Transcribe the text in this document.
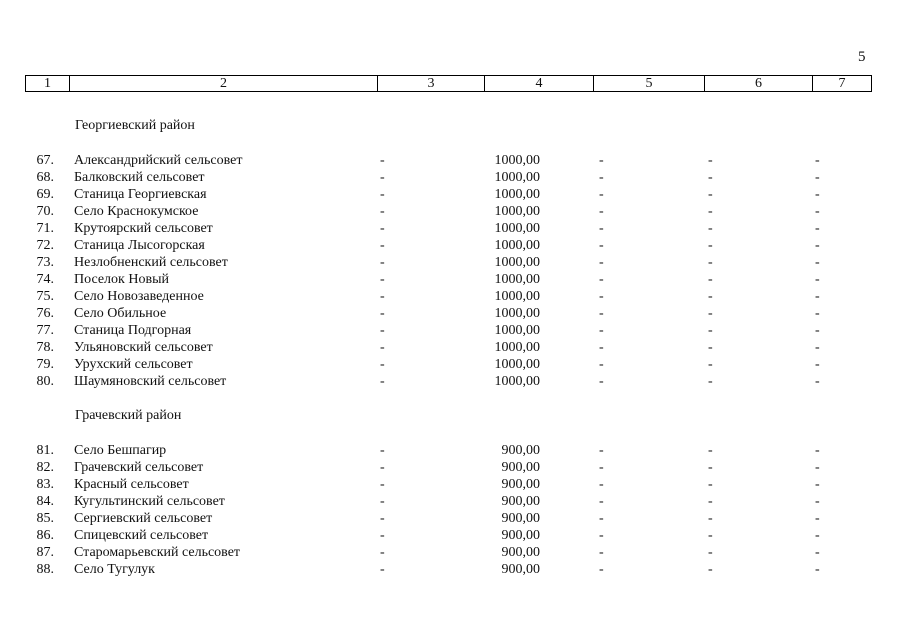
5
1	2	3	4	5	6	7
Георгиевский район
67. Александрийский сельсовет	-	1000,00	-	-	-
68. Балковский сельсовет	-	1000,00	-	-	-
69. Станица Георгиевская	-	1000,00	-	-	-
70. Село Краснокумское	-	1000,00	-	-	-
71. Крутоярский сельсовет	-	1000,00	-	-	-
72. Станица Лысогорская	-	1000,00	-	-	-
73. Незлобненский сельсовет	-	1000,00	-	-	-
74. Поселок Новый	-	1000,00	-	-	-
75. Село Новозаведенное	-	1000,00	-	-	-
76. Село Обильное	-	1000,00	-	-	-
77. Станица Подгорная	-	1000,00	-	-	-
78. Ульяновский сельсовет	-	1000,00	-	-	-
79. Урухский сельсовет	-	1000,00	-	-	-
80. Шаумяновский сельсовет	-	1000,00	-	-	-
Грачевский район
81. Село Бешпагир	-	900,00	-	-	-
82. Грачевский сельсовет	-	900,00	-	-	-
83. Красный сельсовет	-	900,00	-	-	-
84. Кугультинский сельсовет	-	900,00	-	-	-
85. Сергиевский сельсовет	-	900,00	-	-	-
86. Спицевский сельсовет	-	900,00	-	-	-
87. Старомарьевский сельсовет	-	900,00	-	-	-
88. Село Тугулук	-	900,00	-	-	-
